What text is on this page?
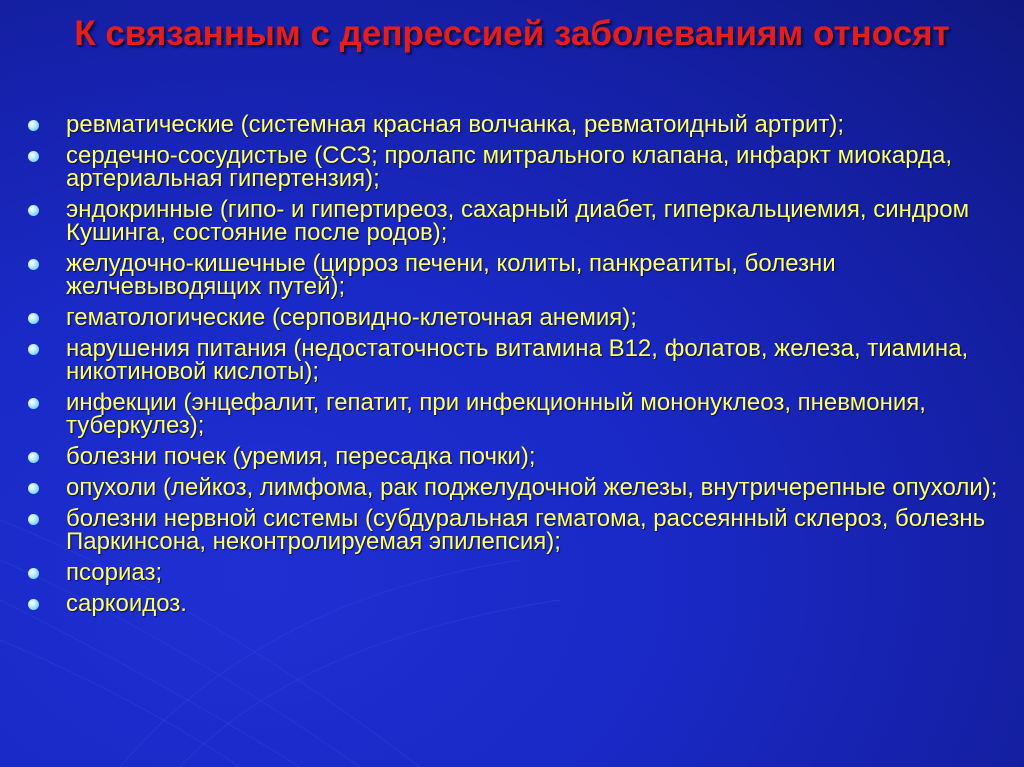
К связанным с депрессией заболеваниям относят
ревматические (системная красная волчанка, ревматоидный артрит);
сердечно-сосудистые (ССЗ; пролапс митрального клапана, инфаркт миокарда, артериальная гипертензия);
эндокринные (гипо- и гипертиреоз, сахарный диабет, гиперкальциемия, синдром Кушинга, состояние после родов);
желудочно-кишечные (цирроз печени, колиты, панкреатиты, болезни желчевыводящих путей);
гематологические (серповидно-клеточная анемия);
нарушения питания (недостаточность витамина В12, фолатов, железа, тиамина, никотиновой кислоты);
инфекции (энцефалит, гепатит, при инфекционный мононуклеоз, пневмония, туберкулез);
болезни почек (уремия, пересадка почки);
опухоли (лейкоз, лимфома, рак поджелудочной железы, внутричерепные опухоли);
болезни нервной системы (субдуральная гематома, рассеянный склероз, болезнь Паркинсона, неконтролируемая эпилепсия);
псориаз;
саркоидоз.
